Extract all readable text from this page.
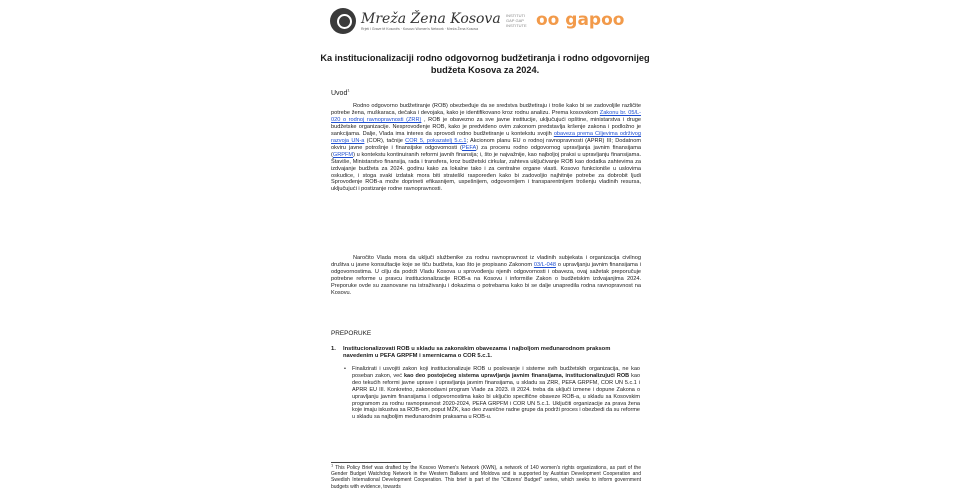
Mreža Žena Kosova
Rrjeti i Grave të Kosovës · Kosovo Women's Network · Mreža Žena Kosova
INSTITUTI GAP GAP INSTITUTE oo gapoo
Ka institucionalizaciji rodno odgovornog budžetiranja i rodno odgovornijeg budžeta Kosova za 2024.
Uvod$^1$
Rodno odgovorno budžetiranje (ROB) obezbeđuje da se sredstva budžetiraju i troše kako bi se zadovoljile različite potrebe žena, muškaraca, dečaka i devojaka, kako je identifikovano kroz rodnu analizu. Prema kosovskom Zakonu br. 05/L-020 o rodnoj ravnopravnosti (ZRR) , ROB je obavezno za sve javne institucije, uključujući opštine, ministarstva i druge budžetske organizacije. Nesprovođenje ROB, kako je predviđeno ovim zakonom predstavlja kršenje zakona i podložno je sankcijama. Dalje, Vlada ima interes da sprovodi rodno budžetiranje u kontekstu svojih obaveza prema Ciljevima održivog razvoja UN-a (COR), tačnije COR 5, pokazatelj 5.c.1; Akcionom planu EU o rodnoj ravnopravnosti (APRR) III; Dodatnom okviru javne potrošnje i finansijske odgovornosti (PEFA) za procenu rodno odgovornog upravljanja javnim finansijama (GRPFM) u kontekstu kontinuiranih reformi javnih finansija; i, što je najvažnije, kao najboljoj praksi u upravljanju finansijama. Štaviše, Ministarstvo finansija, rada i transfera, kroz budžetski cirkular, zahteva uključivanje ROB kao dodatka zahtevima za izdvajanje budžeta za 2024. godinu kako za lokalne tako i za centralne organe vlasti. Kosovo funkcioniše u uslovima oskudice, i stoga svaki izdatak mora biti strateški raspoređen kako bi zadovoljio najhitnije potrebe za dobrobit ljudi Sprovođenje ROB-a može doprineti efikasnijem, uspešnijem, odgovornijem i transparentnijem trošenju vladinih resursa, uključujući i postizanje rodne ravnopravnosti.
Naročito Vlada mora da uključi službenike za rodnu ravnopravnost iz vladinih subjekata i organizacija civilnog društva u javne konsultacije koje se tiču budžeta, kao što je propisano Zakonom 03/L-048 o upravljanju javnim finansijama i odgovornostima. U cilju da podrži Vladu Kosova u sprovođenju njenih odgovornosti i obaveza, ovaj sažetak preporučuje potrebne reforme u pravcu institucionalizacije ROB-a na Kosovu i informiše Zakon o budžetskim izdvajanjima 2024. Preporuke ovde su zasnovane na istraživanju i dokazima o potrebama kako bi se dalje unapredila rodna ravnopravnost na Kosovu.
PREPORUKE
1. Institucionalizovati ROB u skladu sa zakonskim obavezama i najboljom međunarodnom praksom navedenim u PEFA GRPFM i smernicama o COR 5.c.1.
• Finalizirati i usvojiti zakon koji institucionalizuje ROB u poslovanje i sisteme svih budžetskih organizacija, ne kao poseban zakon, već kao deo postojećeg sistema upravljanja javnim finansijama, institucionalizujući ROB kao deo tekućih reformi javne uprave i upravljanja javnim finansijama, u skladu sa ZRR, PEFA GRPFM, COR UN 5.c.1 i APRR EU III. Konkretno, zakonodavni program Vlade za 2023. ili 2024. treba da uključi izmene i dopune Zakona o upravljanju javnim finansijama i odgovornostima kako bi uključio specifične obaveze ROB-a, u skladu sa Kosovskim programom za rodnu ravnopravnost 2020-2024, PEFA GRPFM i COR UN 5.c.1. Uključiti organizacije za prava žena koje imaju iskustva sa ROB-om, poput MŽK, kao deo zvanične radne grupe da podrži proces i obezbedi da su reforme u skladu sa najboljim međunarodnim praksama u ROB-u.
$^1$ This Policy Brief was drafted by the Kosovo Women's Network (KWN), a network of 140 women's rights organizations, as part of the Gender Budget Watchdog Network in the Western Balkans and Moldova and is supported by Austrian Development Cooperation and Swedish International Development Cooperation. This brief is part of the "Citizens' Budget" series, which seeks to inform government budgets with evidence, towards
